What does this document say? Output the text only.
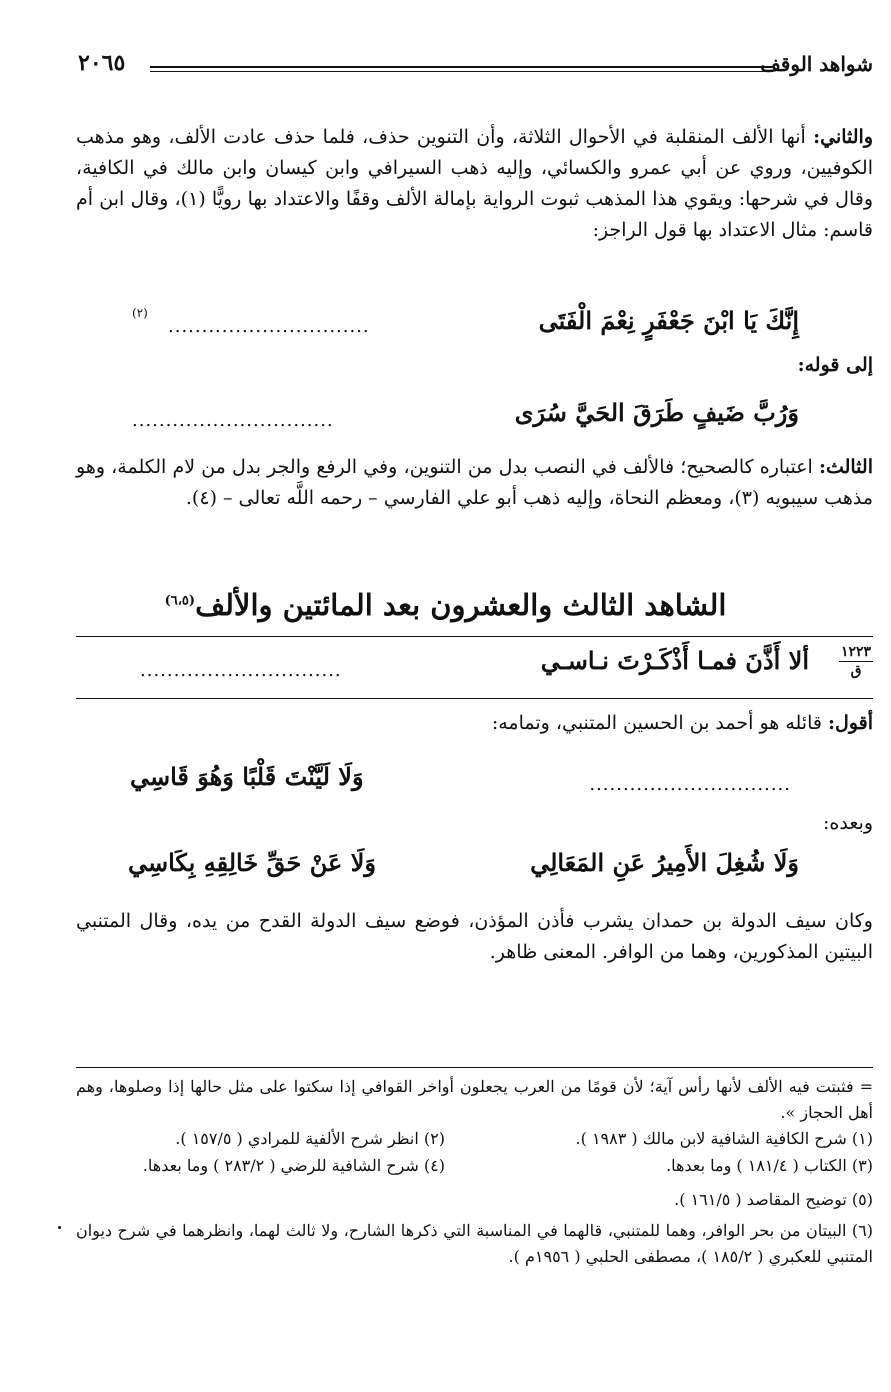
شواهد الوقف
٢٠٦٥
والثاني: أنها الألف المنقلبة في الأحوال الثلاثة، وأن التنوين حذف، فلما حذف عادت الألف، وهو مذهب الكوفيين، وروي عن أبي عمرو والكسائي، وإليه ذهب السيرافي وابن كيسان وابن مالك في الكافية، وقال في شرحها: ويقوي هذا المذهب ثبوت الرواية بإمالة الألف وقفًا والاعتداد بها رويًّا (١)، وقال ابن أم قاسم: مثال الاعتداد بها قول الراجز:
إِنَّكَ يَا ابْنَ جَعْفَرٍ نِعْمَ الْفَتَى
..............................
(٢)
إلى قوله:
وَرُبَّ ضَيفٍ طَرَقَ الحَيَّ سُرَى
..............................
الثالث: اعتباره كالصحيح؛ فالألف في النصب بدل من التنوين، وفي الرفع والجر بدل من لام الكلمة، وهو مذهب سيبويه (٣)، ومعظم النحاة، وإليه ذهب أبو علي الفارسي – رحمه اللَّه تعالى – (٤).
الشاهد الثالث والعشرون بعد المائتين والألف$^{(٦،٥)}$
١٢٢٣
ق
ألا أَذَّنَ فمـا أَذْكَـرْتَ نـاسـي
..............................
أقول: قائله هو أحمد بن الحسين المتنبي، وتمامه:
..............................
وَلَا لَيَّنْتَ قَلْبًا وَهُوَ قَاسِي
وبعده:
وَلَا شُغِلَ الأَمِيرُ عَنِ المَعَالِي
وَلَا عَنْ حَقِّ خَالِقِهِ بِكَاسِي
وكان سيف الدولة بن حمدان يشرب فأذن المؤذن، فوضع سيف الدولة القدح من يده، وقال المتنبي البيتين المذكورين، وهما من الوافر. المعنى ظاهر.
= فثبتت فيه الألف لأنها رأس آية؛ لأن قومًا من العرب يجعلون أواخر القوافي إذا سكتوا على مثل حالها إذا وصلوها، وهم أهل الحجاز ».
(١) شرح الكافية الشافية لابن مالك ( ١٩٨٣ ).
(٢) انظر شرح الألفية للمرادي ( ١٥٧/٥ ).
(٣) الكتاب ( ١٨١/٤ ) وما بعدها.
(٤) شرح الشافية للرضي ( ٢٨٣/٢ ) وما بعدها.
(٥) توضيح المقاصد ( ١٦١/٥ ).
(٦) البيتان من بحر الوافر، وهما للمتنبي، قالهما في المناسبة التي ذكرها الشارح، ولا ثالث لهما، وانظرهما في شرح ديوان المتنبي للعكبري ( ١٨٥/٢ )، مصطفى الحلبي ( ١٩٥٦م ).
